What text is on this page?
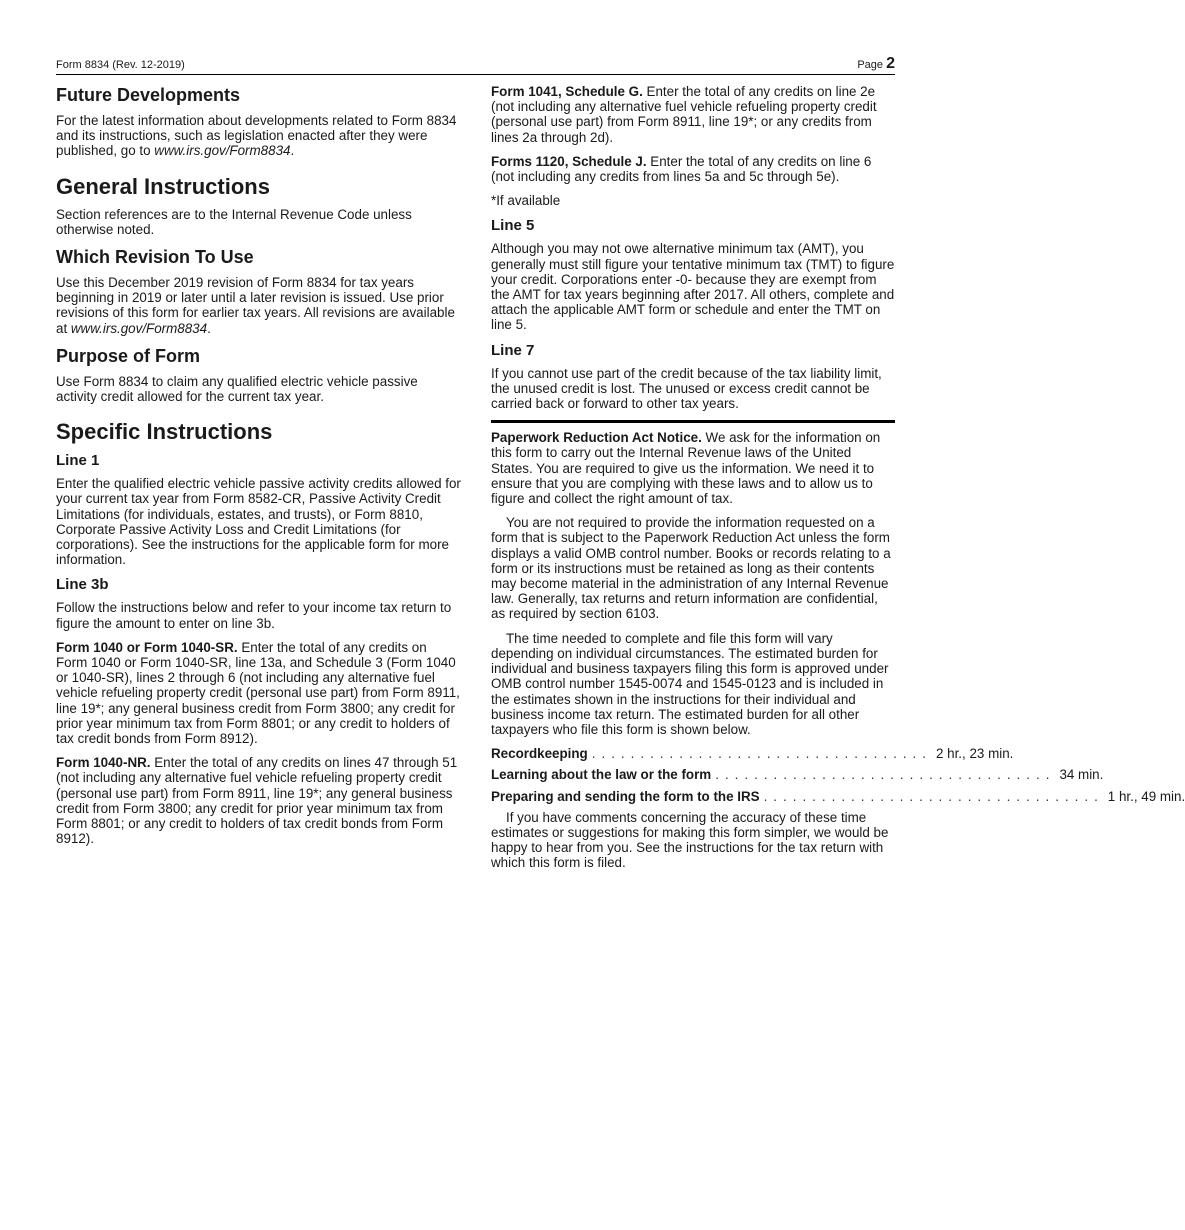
Form 8834 (Rev. 12-2019)	Page 2
Future Developments

For the latest information about developments related to Form 8834 and its instructions, such as legislation enacted after they were published, go to www.irs.gov/Form8834.

General Instructions

Section references are to the Internal Revenue Code unless otherwise noted.

Which Revision To Use

Use this December 2019 revision of Form 8834 for tax years beginning in 2019 or later until a later revision is issued. Use prior revisions of this form for earlier tax years. All revisions are available at www.irs.gov/Form8834.

Purpose of Form

Use Form 8834 to claim any qualified electric vehicle passive activity credit allowed for the current tax year.

Specific Instructions
Line 1

Enter the qualified electric vehicle passive activity credits allowed for your current tax year from Form 8582-CR, Passive Activity Credit Limitations (for individuals, estates, and trusts), or Form 8810, Corporate Passive Activity Loss and Credit Limitations (for corporations). See the instructions for the applicable form for more information.

Line 3b

Follow the instructions below and refer to your income tax return to figure the amount to enter on line 3b.

Form 1040 or Form 1040-SR. Enter the total of any credits on Form 1040 or Form 1040-SR, line 13a, and Schedule 3 (Form 1040 or 1040-SR), lines 2 through 6 (not including any alternative fuel vehicle refueling property credit (personal use part) from Form 8911, line 19*; any general business credit from Form 3800; any credit for prior year minimum tax from Form 8801; or any credit to holders of tax credit bonds from Form 8912).

Form 1040-NR. Enter the total of any credits on lines 47 through 51 (not including any alternative fuel vehicle refueling property credit (personal use part) from Form 8911, line 19*; any general business credit from Form 3800; any credit for prior year minimum tax from Form 8801; or any credit to holders of tax credit bonds from Form 8912).

Form 1041, Schedule G. Enter the total of any credits on line 2e (not including any alternative fuel vehicle refueling property credit (personal use part) from Form 8911, line 19*; or any credits from lines 2a through 2d).

Forms 1120, Schedule J. Enter the total of any credits on line 6 (not including any credits from lines 5a and 5c through 5e).

*If available

Line 5

Although you may not owe alternative minimum tax (AMT), you generally must still figure your tentative minimum tax (TMT) to figure your credit. Corporations enter -0- because they are exempt from the AMT for tax years beginning after 2017. All others, complete and attach the applicable AMT form or schedule and enter the TMT on line 5.

Line 7

If you cannot use part of the credit because of the tax liability limit, the unused credit is lost. The unused or excess credit cannot be carried back or forward to other tax years.

Paperwork Reduction Act Notice. We ask for the information on this form to carry out the Internal Revenue laws of the United States. You are required to give us the information. We need it to ensure that you are complying with these laws and to allow us to figure and collect the right amount of tax.

You are not required to provide the information requested on a form that is subject to the Paperwork Reduction Act unless the form displays a valid OMB control number. Books or records relating to a form or its instructions must be retained as long as their contents may become material in the administration of any Internal Revenue law. Generally, tax returns and return information are confidential, as required by section 6103.

The time needed to complete and file this form will vary depending on individual circumstances. The estimated burden for individual and business taxpayers filing this form is approved under OMB control number 1545-0074 and 1545-0123 and is included in the estimates shown in the instructions for their individual and business income tax return. The estimated burden for all other taxpayers who file this form is shown below.

Recordkeeping ................................... 2 hr., 23 min.
Learning about the law or the form ................................... 34 min.
Preparing and sending the form to the IRS ................................... 1 hr., 49 min.

If you have comments concerning the accuracy of these time estimates or suggestions for making this form simpler, we would be happy to hear from you. See the instructions for the tax return with which this form is filed.
